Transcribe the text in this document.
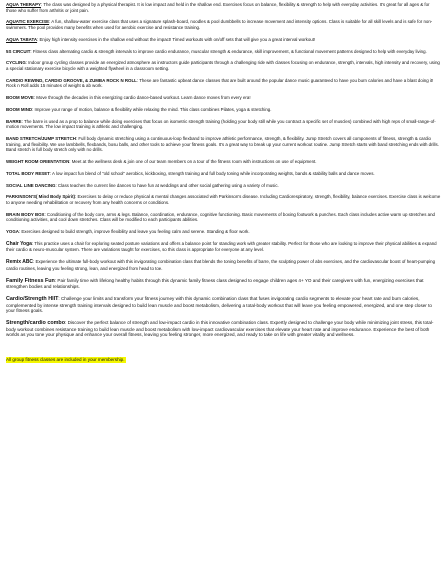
AQUA THERAPY: The class was designed by a physical therapist. It is low impact and held in the shallow end. Exercises focus on balance, flexibility & strength to help with everyday activities. It's great for all ages & for those who suffer from arthritis or joint pain.

AQUATIC EXERCISE: A fun, shallow-water exercise class that uses a signature splash-board, noodles & pool dumbbells to increase movement and intensity options. Class is suitable for all skill levels and is safe for non-swimmers. The pool provides many benefits when used for aerobic exercise and resistance training.

AQUA TABATA: Enjoy high intensity exercises in the shallow end without the impact! Timed workouts with on/off sets that will give you a great interval workout!

5S CIRCUIT: Fitness class alternating cardio & strength intervals to improve cardio endurance, muscular strength & endurance, skill improvement, & functional movement patterns designed to help with everyday living.

CYCLING: Indoor group cycling classes provide an energized atmosphere as instructors guide participants through a challenging ride with classes focusing on endurance, strength, intervals, high intensity and recovery, using a special stationary exercise bicycle with a weighted flywheel in a classroom setting.

CARDIO REWIND, CARDIO GROOVE, & ZUMBA ROCK N ROLL: These are fantastic upbeat dance classes that are built around the popular dance music guaranteed to have you burn calories and have a blast doing it! Rock n Roll adds 15 minutes of weight & ab work.

BOOM MOVE: Move through the decades in this energizing cardio dance-based workout. Learn dance moves from every era!

BOOM MIND: Improve your range of motion, balance & flexibility while relaxing the mind. This class combines Pilates, yoga & stretching.

BARRE: The barre is used as a prop to balance while doing exercises that focus on isometric strength training (holding your body still while you contract a specific set of muscles) combined with high reps of small-range-of-motion movements. The low impact training is athletic and challenging.

BAND STRETCH/JUMP STRETCH: Full body dynamic stretching using a continuous-loop flexband to improve athletic performance, strength, & flexibility. Jump Stretch covers all components of fitness, strength & cardio training, and flexibility. We use lambbells, flexbands, bosu balls, and other tools to achieve your fitness goals. It's a great way to break up your current workout routine. Jump Stretch starts with band stretching ends with drills. Band stretch is full body stretch only with no drills.

WEIGHT ROOM ORIENTATION: Meet at the wellness desk & join one of our team members on a tour of the fitness room with instructions on use of equipment.

TOTAL BODY RESET: A low impact fun blend of "old school" aerobics, kickboxing, strength training and full body toning while incorporating weights, bands & stability balls and dance moves.

SOCIAL LINE DANCING: Class teaches the current line dances to have fun at weddings and other social gathering using a variety of music.

PARKINSON'S( Mind Body Spirit): Exercises to delay or reduce physical & mental changes associated with Parkinson's disease. Including Cardiorespiratory, strength, flexibility, balance exercises. Exercise class is welcome to anyone needing rehabilitation or recovery from any health concerns or conditions.

BRAIN BODY BOX: Conditioning of the body core, arms & legs. Balance, coordination, endurance, cognitive functioning. Basic movements of boxing footwork & punches. Each class includes active warm up stretches and conditioning activities, and cool down stretches. Class will be modified to each participants abilities.

YOGA: Exercises designed to build strength, improve flexibility and leave you feeling calm and serene. Standing & floor work.

Chair Yoga: This practice uses a chair for exploring seated posture variations and offers a balance point for standing work with greater stability. Perfect for those who are looking to improve their physical abilities & expand their cardio & neuro-muscular system. There are variations taught for exercises, so this class is appropriate for everyone at any level.

Remix ABC: Experience the ultimate full-body workout with this invigorating combination class that blends the toning benefits of barre, the sculpting power of abs exercises, and the cardiovascular boost of heart-pumping cardio routines, leaving you feeling strong, lean, and energized from head to toe.

Family Fitness Fun: Pair family time with lifelong healthy habits through this dynamic family fitness class designed to engage children ages 4+ YO and their caregivers with fun, energizing exercises that strengthen bodies and relationships.

Cardio/Strength HIIT: Challenge your limits and transform your fitness journey with this dynamic combination class that fuses invigorating cardio segments to elevate your heart rate and burn calories, complemented by intense strength training intervals designed to build lean muscle and boost metabolism, delivering a total-body workout that will leave you feeling empowered, energized, and one step closer to your fitness goals.

Strength/cardio combo: Discover the perfect balance of strength and low-impact cardio in this innovative combination class. Expertly designed to challenge your body while minimizing joint stress, this total-body workout combines resistance training to build lean muscle and boost metabolism with low-impact cardiovascular exercises that elevate your heart rate and improve endurance. Experience the best of both worlds as you tone your physique and enhance your overall fitness, leaving you feeling stronger, more energized, and ready to take on life with greater vitality and wellness.

All group fitness classes are included in your membership.
